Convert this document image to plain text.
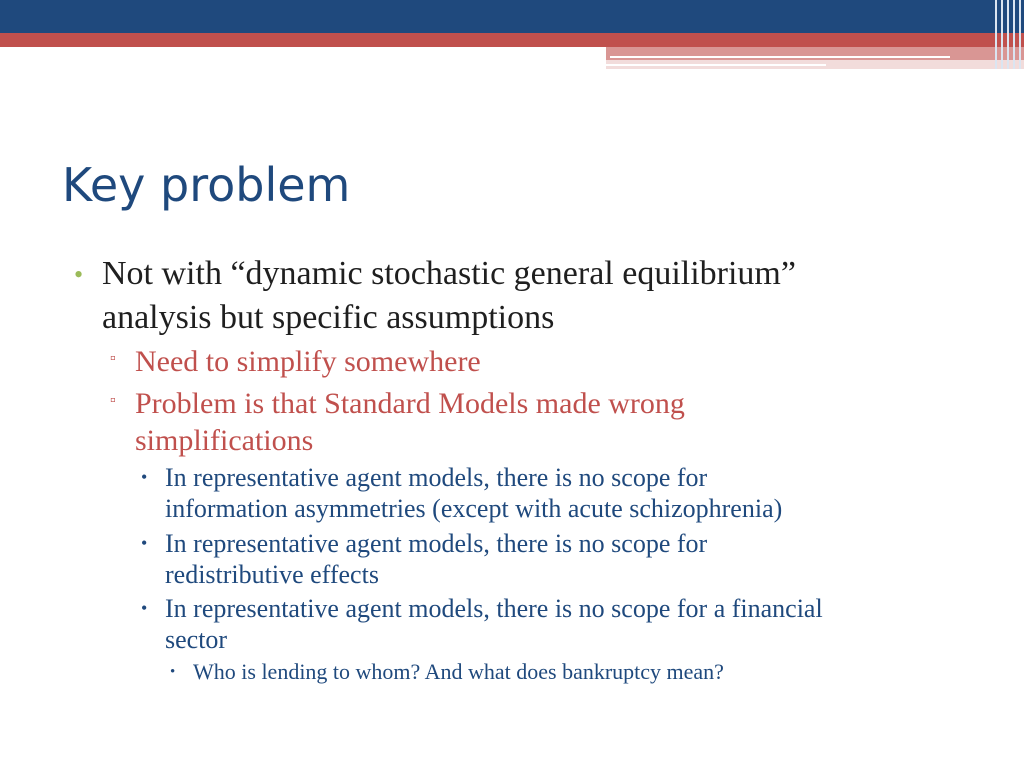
Key problem
• Not with “dynamic stochastic general equilibrium”
analysis but specific assumptions
▫ Need to simplify somewhere
▫ Problem is that Standard Models made wrong
simplifications
• In representative agent models, there is no scope for
information asymmetries (except with acute schizophrenia)
• In representative agent models, there is no scope for
redistributive effects
• In representative agent models, there is no scope for a financial
sector
• Who is lending to whom? And what does bankruptcy mean?
